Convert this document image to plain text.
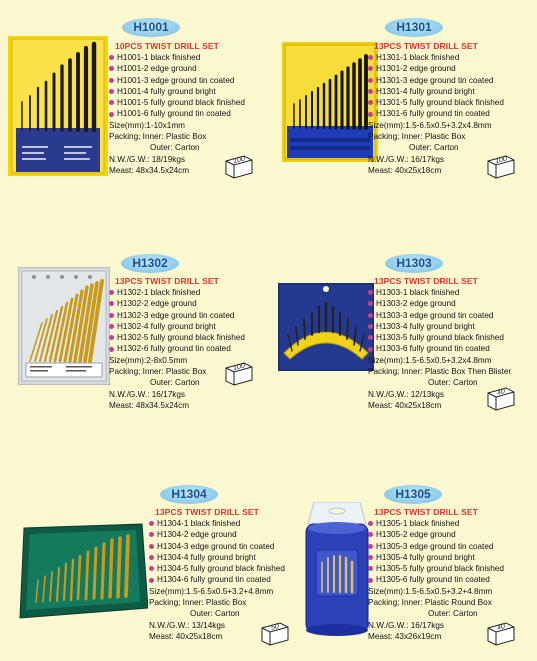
H1001
10PCS TWIST DRILL SET
H1001-1 black finished
H1001-2 edge ground
H1001-3 edge ground tin coated
H1001-4 fully ground bright
H1001-5 fully ground black finished
H1001-6 fully ground tin coated
Size(mm):1-10x1mm
Packing; Inner: Plastic Box
Outer: Carton
N.W./G.W.: 18/19kgs
Meast: 48x34.5x24cm
100
H1301
13PCS TWIST DRILL SET
H1301-1 black finished
H1301-2 edge ground
H1301-3 edge ground tin coated
H1301-4 fully ground bright
H1301-5 fully ground black finished
H1301-6 fully ground tin coated
Size(mm):1.5-6.5x0.5+3.2x4.8mm
Packing; Inner: Plastic Box
Outer: Carton
N.W./G.W.: 16/17kgs
Meast: 40x25x18cm
100
H1302
13PCS TWIST DRILL SET
H1302-1 black finished
H1302-2 edge ground
H1302-3 edge ground tin coated
H1302-4 fully ground bright
H1302-5 fully ground black finished
H1302-6 fully ground tin coated
Size(mm):2-8x0.5mm
Packing; Inner: Plastic Box
Outer: Carton
N.W./G.W.: 16/17kgs
Meast: 48x34.5x24cm
100
H1303
13PCS TWIST DRILL SET
H1303-1 black finished
H1303-2 edge ground
H1303-3 edge ground tin coated
H1303-4 fully ground bright
H1303-5 fully ground black finished
H1303-6 fully ground tin coated
Size(mm):1.5-6.5x0.5+3.2x4.8mm
Packing; Inner: Plastic Box Then Blister
Outer: Carton
N.W./G.W.: 12/13kgs
Meast: 40x25x18cm
40
H1304
13PCS TWIST DRILL SET
H1304-1 black finished
H1304-2 edge ground
H1304-3 edge ground tin coated
H1304-4 fully ground bright
H1304-5 fully ground black finished
H1304-6 fully ground tin coated
Size(mm):1.5-6.5x0.5+3.2+4.8mm
Packing; Inner: Plastic Box
Outer: Carton
N.W./G.W.: 13/14kgs
Meast: 40x25x18cm
50
H1305
13PCS TWIST DRILL SET
H1305-1 black finished
H1305-2 edge ground
H1305-3 edge ground tin coated
H1305-4 fully ground bright
H1305-5 fully ground black finished
H1305-6 fully ground tin coated
Size(mm):1.5-6.5x0.5+3.2+4.8mm
Packing; Inner: Plastic Round Box
Outer: Carton
N.W./G.W.: 16/17kgs
Meast: 43x26x19cm
40
